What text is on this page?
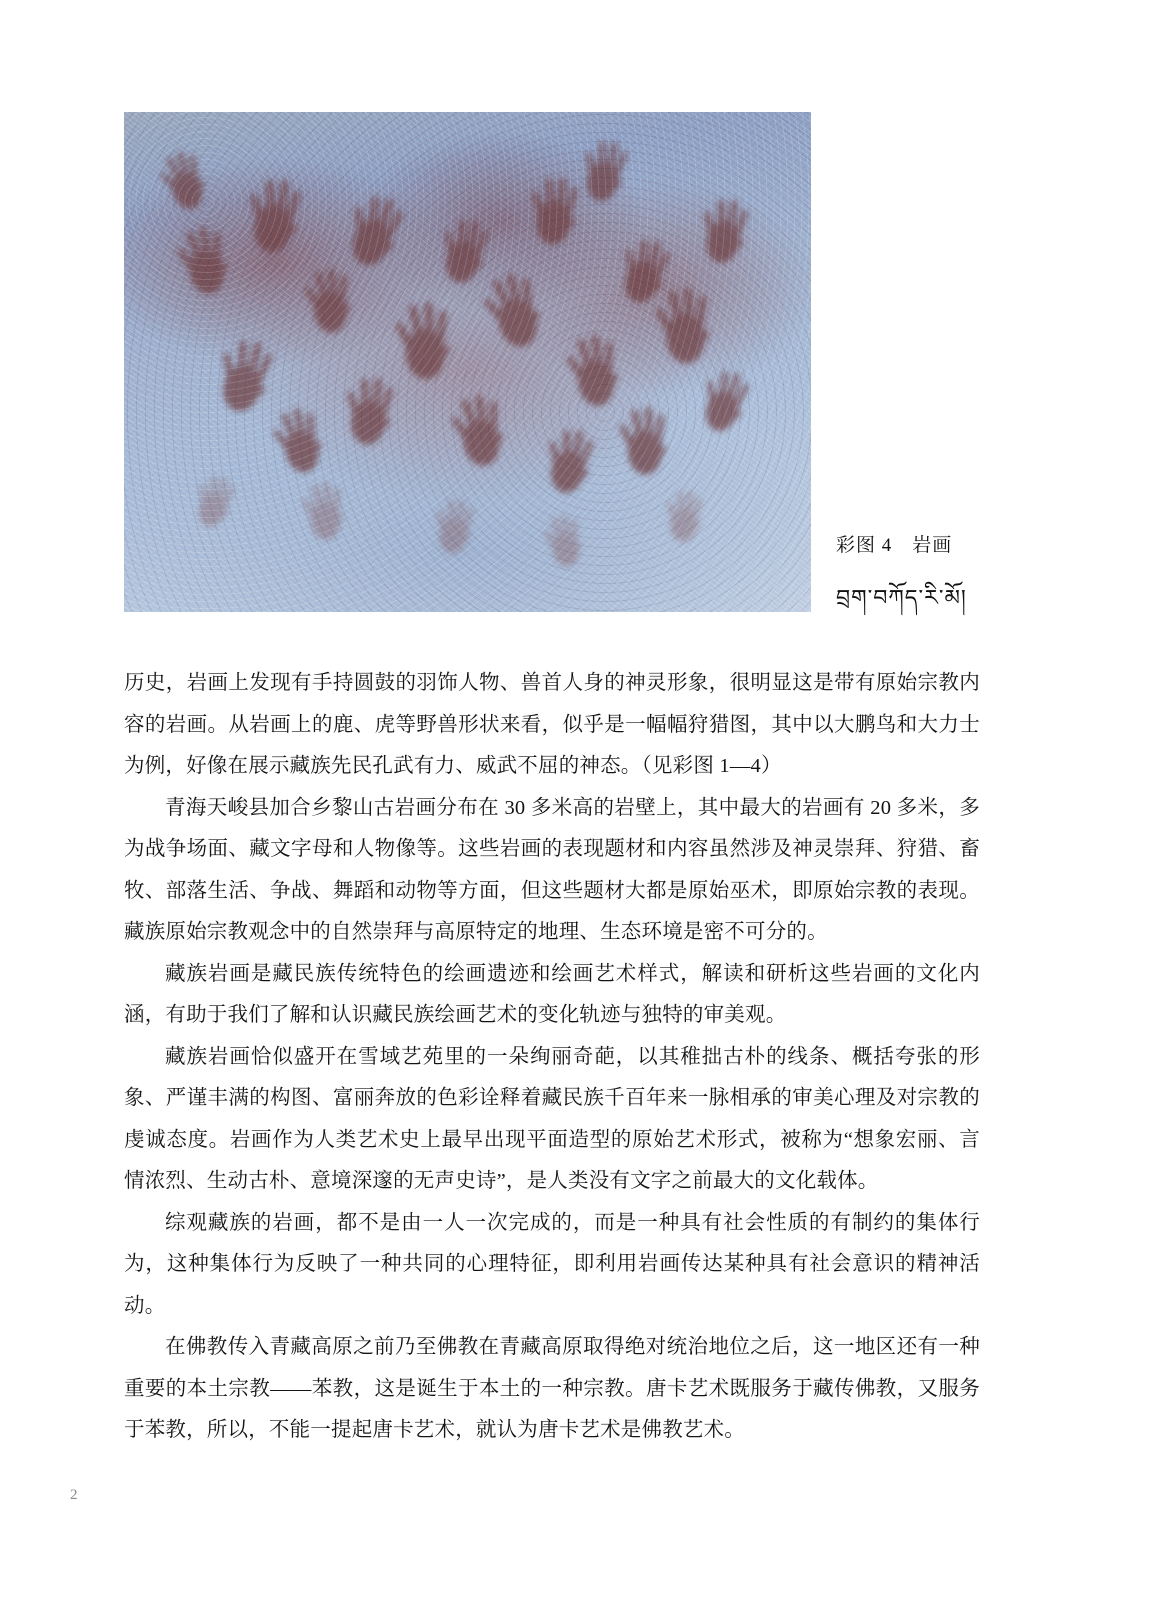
彩图 4　岩画
བྲག་བཀོད་རི་མོ།

历史，岩画上发现有手持圆鼓的羽饰人物、兽首人身的神灵形象，很明显这是带有原始宗教内容的岩画。从岩画上的鹿、虎等野兽形状来看，似乎是一幅幅狩猎图，其中以大鹏鸟和大力士为例，好像在展示藏族先民孔武有力、威武不屈的神态。（见彩图 1—4）

青海天峻县加合乡黎山古岩画分布在 30 多米高的岩壁上，其中最大的岩画有 20 多米，多为战争场面、藏文字母和人物像等。这些岩画的表现题材和内容虽然涉及神灵崇拜、狩猎、畜牧、部落生活、争战、舞蹈和动物等方面，但这些题材大都是原始巫术，即原始宗教的表现。藏族原始宗教观念中的自然崇拜与高原特定的地理、生态环境是密不可分的。

藏族岩画是藏民族传统特色的绘画遗迹和绘画艺术样式，解读和研析这些岩画的文化内涵，有助于我们了解和认识藏民族绘画艺术的变化轨迹与独特的审美观。

藏族岩画恰似盛开在雪域艺苑里的一朵绚丽奇葩，以其稚拙古朴的线条、概括夸张的形象、严谨丰满的构图、富丽奔放的色彩诠释着藏民族千百年来一脉相承的审美心理及对宗教的虔诚态度。岩画作为人类艺术史上最早出现平面造型的原始艺术形式，被称为“想象宏丽、言情浓烈、生动古朴、意境深邃的无声史诗”，是人类没有文字之前最大的文化载体。

综观藏族的岩画，都不是由一人一次完成的，而是一种具有社会性质的有制约的集体行为，这种集体行为反映了一种共同的心理特征，即利用岩画传达某种具有社会意识的精神活动。

在佛教传入青藏高原之前乃至佛教在青藏高原取得绝对统治地位之后，这一地区还有一种重要的本土宗教——苯教，这是诞生于本土的一种宗教。唐卡艺术既服务于藏传佛教，又服务于苯教，所以，不能一提起唐卡艺术，就认为唐卡艺术是佛教艺术。

2
